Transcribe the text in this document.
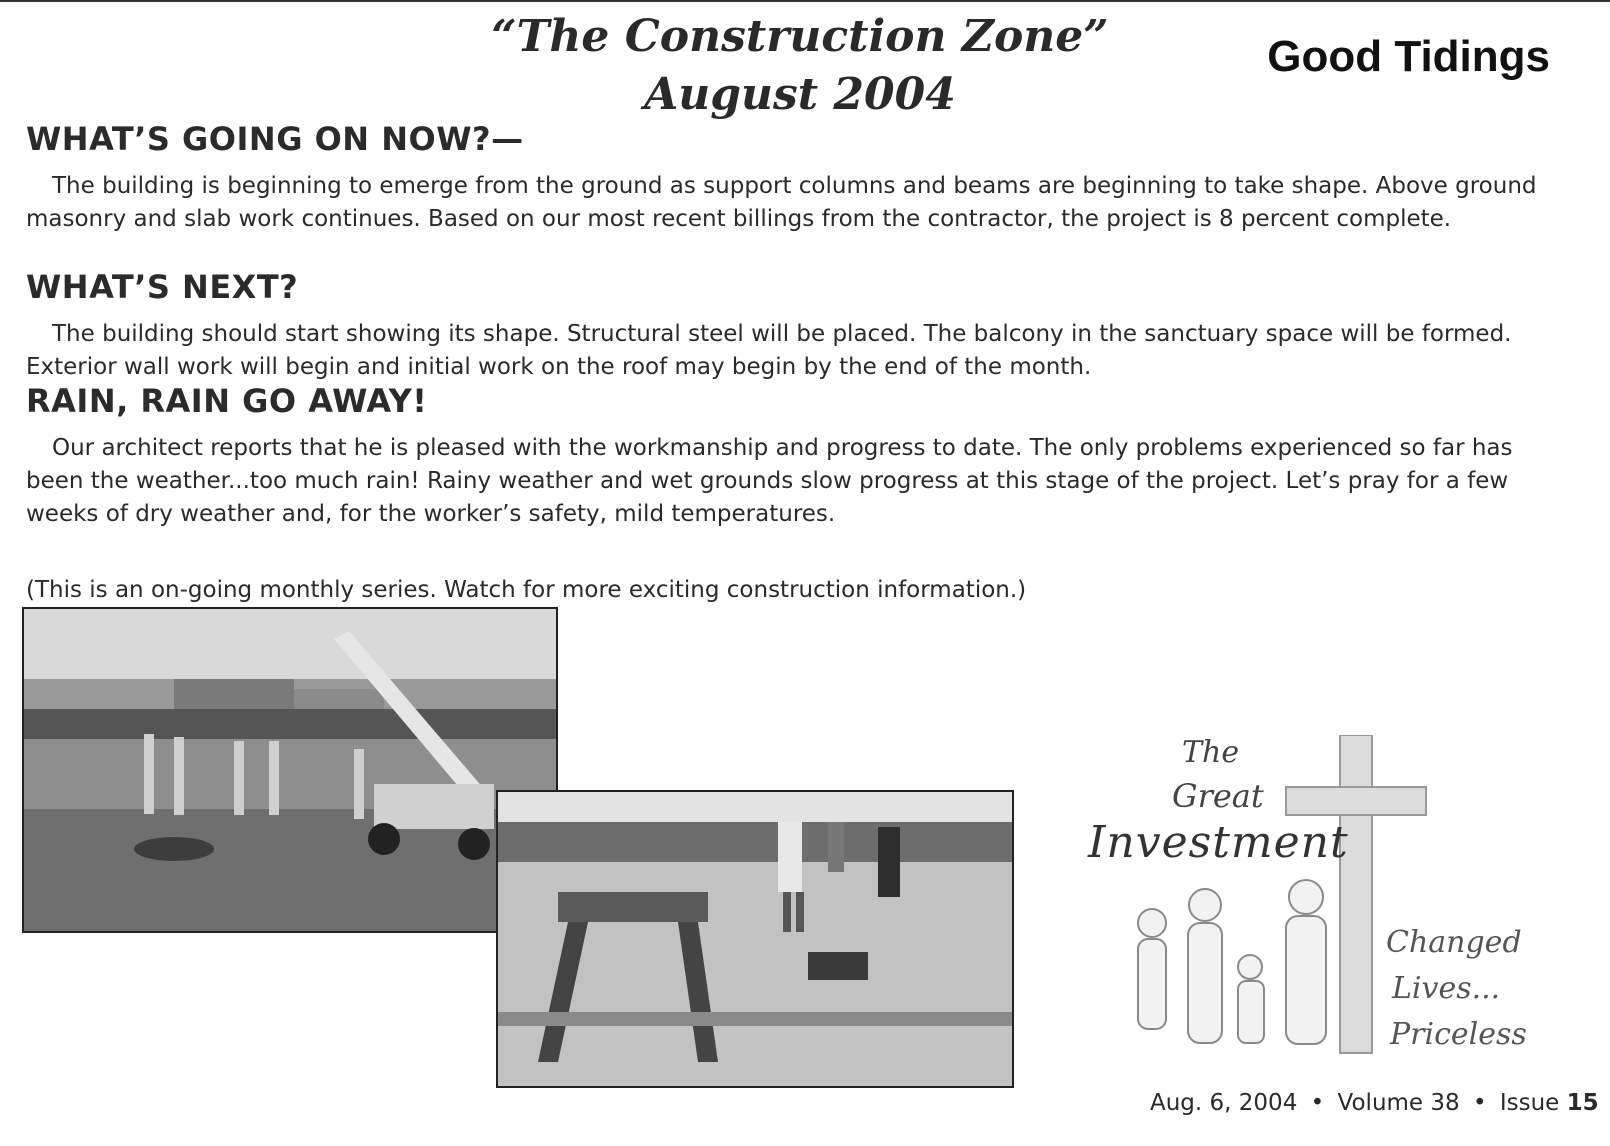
“The Construction Zone”
August 2004
Good Tidings
WHAT’S GOING ON NOW?—

The building is beginning to emerge from the ground as support columns and beams are beginning to take shape. Above ground masonry and slab work continues. Based on our most recent billings from the contractor, the project is 8 percent complete.

WHAT’S NEXT?

The building should start showing its shape. Structural steel will be placed. The balcony in the sanctuary space will be formed. Exterior wall work will begin and initial work on the roof may begin by the end of the month.

RAIN, RAIN GO AWAY!

Our architect reports that he is pleased with the workmanship and progress to date. The only problems experienced so far has been the weather...too much rain! Rainy weather and wet grounds slow progress at this stage of the project. Let’s pray for a few weeks of dry weather and, for the worker’s safety, mild temperatures.

(This is an on-going monthly series. Watch for more exciting construction information.)
The
Great
Investment
Changed
Lives...
Priceless
Aug. 6, 2004 • Volume 38 • Issue 15
